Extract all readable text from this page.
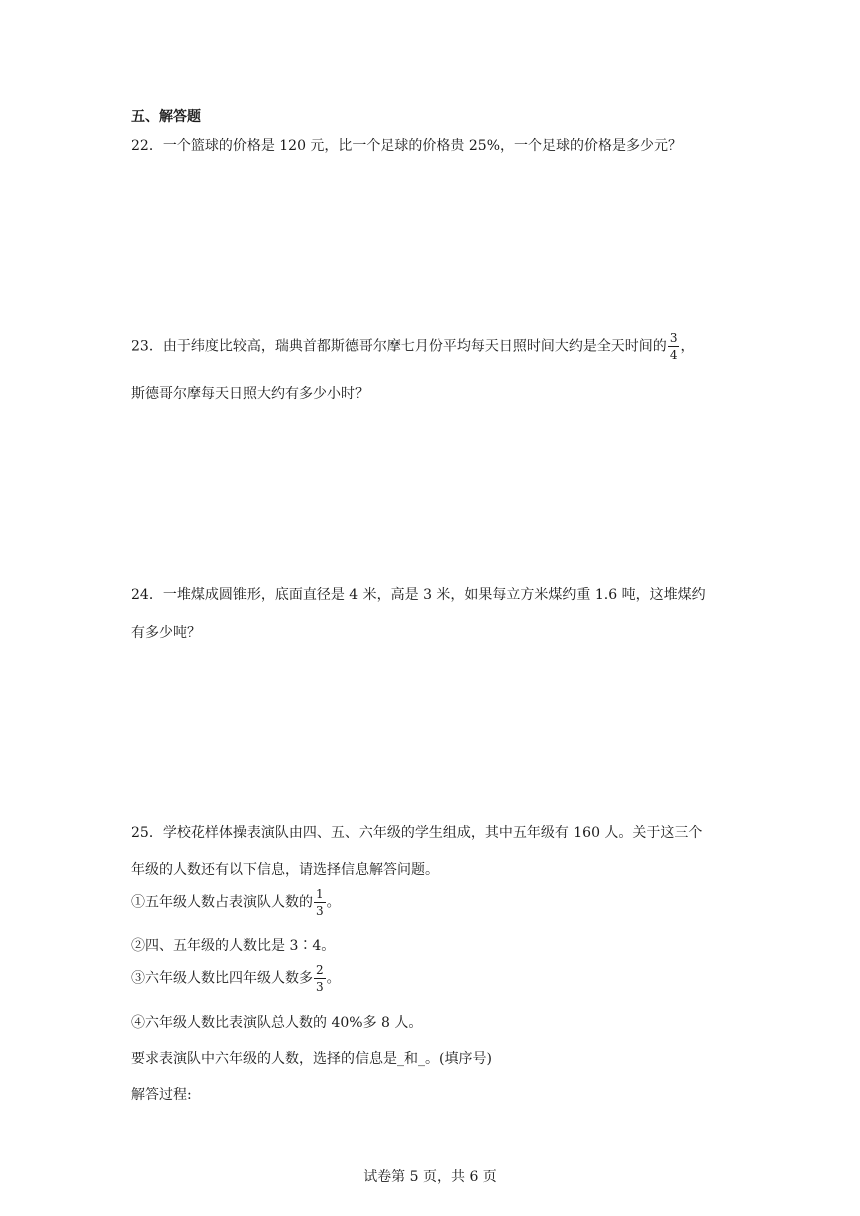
五、解答题
22．一个篮球的价格是 120 元，比一个足球的价格贵 25%，一个足球的价格是多少元？
23．由于纬度比较高，瑞典首都斯德哥尔摩七月份平均每天日照时间大约是全天时间的 $\frac{3}{4}$ ，
斯德哥尔摩每天日照大约有多少小时？
24．一堆煤成圆锥形，底面直径是 4 米，高是 3 米，如果每立方米煤约重 1.6 吨，这堆煤约
有多少吨？
25．学校花样体操表演队由四、五、六年级的学生组成，其中五年级有 160 人。关于这三个
年级的人数还有以下信息，请选择信息解答问题。
①五年级人数占表演队人数的 $\frac{1}{3}$ 。
②四、五年级的人数比是 3∶4。
③六年级人数比四年级人数多 $\frac{2}{3}$ 。
④六年级人数比表演队总人数的 40%多 8 人。
要求表演队中六年级的人数，选择的信息是_和_。(填序号)
解答过程:
试卷第 5 页，共 6 页
